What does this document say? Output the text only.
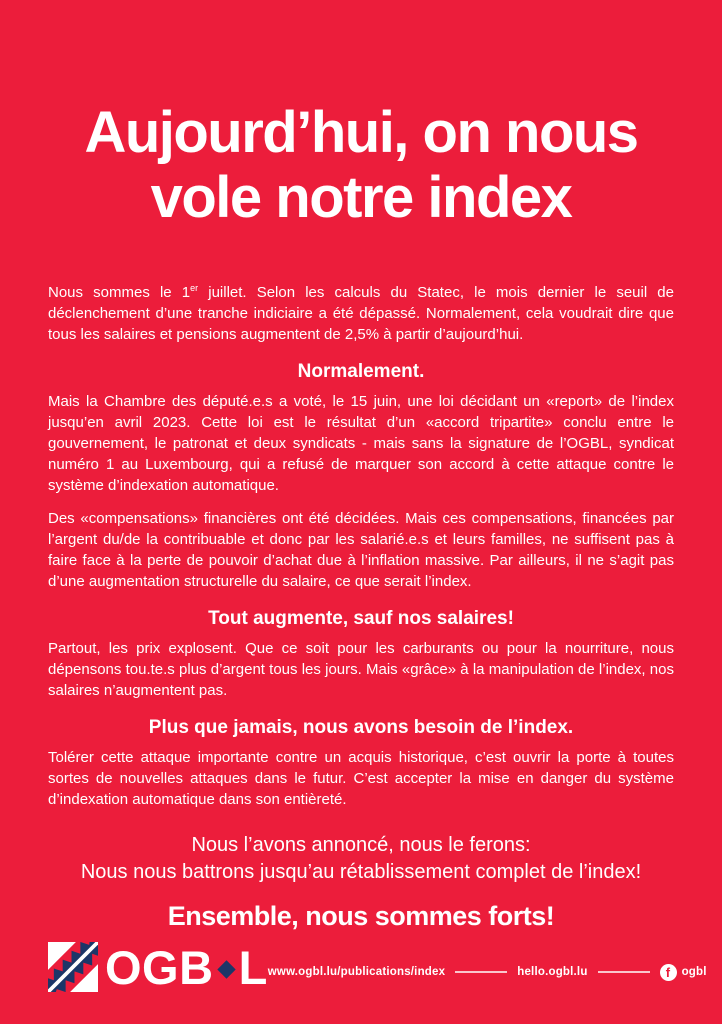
Aujourd’hui, on nous
vole notre index

Nous sommes le 1er juillet. Selon les calculs du Statec, le mois dernier le seuil de déclenchement d’une tranche indiciaire a été dépassé. Normalement, cela voudrait dire que tous les salaires et pensions augmentent de 2,5% à partir d’aujourd’hui.

Normalement.

Mais la Chambre des député.e.s a voté, le 15 juin, une loi décidant un «report» de l’index jusqu’en avril 2023. Cette loi est le résultat d’un «accord tripartite» conclu entre le gouvernement, le patronat et deux syndicats - mais sans la signature de l’OGBL, syndicat numéro 1 au Luxembourg, qui a refusé de marquer son accord à cette attaque contre le système d’indexation automatique.

Des «compensations» financières ont été décidées. Mais ces compensations, financées par l’argent du/de la contribuable et donc par les salarié.e.s et leurs familles, ne suffisent pas à faire face à la perte de pouvoir d’achat due à l’inflation massive. Par ailleurs, il ne s’agit pas d’une augmentation structurelle du salaire, ce que serait l’index.

Tout augmente, sauf nos salaires!

Partout, les prix explosent. Que ce soit pour les carburants ou pour la nourriture, nous dépensons tou.te.s plus d’argent tous les jours. Mais «grâce» à la manipulation de l’index, nos salaires n’augmentent pas.

Plus que jamais, nous avons besoin de l’index.

Tolérer cette attaque importante contre un acquis historique, c’est ouvrir la porte à toutes sortes de nouvelles attaques dans le futur. C’est accepter la mise en danger du système d’indexation automatique dans son entièreté.

Nous l’avons annoncé, nous le ferons:
Nous nous battrons jusqu’au rétablissement complet de l’index!

Ensemble, nous sommes forts!

OGB L www.ogbl.lu/publications/index	hello.ogbl.lu	f ogbl
